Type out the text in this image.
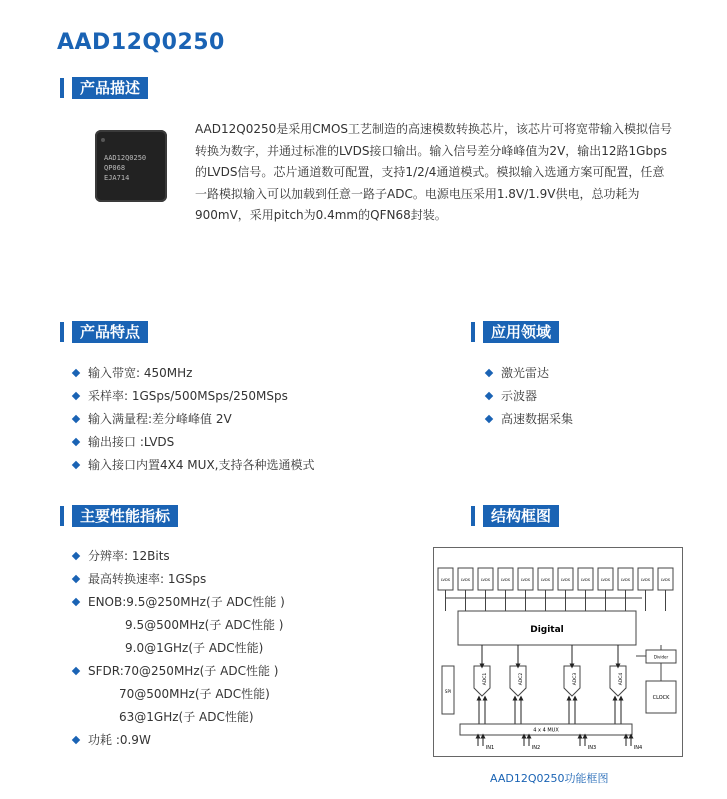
AAD12Q0250
产品描述
AAD12Q0250
QP068
EJA714
AAD12Q0250是采用CMOS工艺制造的高速模数转换芯片，该芯片可将宽带输入模拟信号
转换为数字，并通过标准的LVDS接口输出。输入信号差分峰峰值为2V，输出12路1Gbps
的LVDS信号。芯片通道数可配置，支持1/2/4通道模式。模拟输入选通方案可配置，任意
一路模拟输入可以加载到任意一路子ADC。电源电压采用1.8V/1.9V供电，总功耗为
900mV，采用pitch为0.4mm的QFN68封装。
产品特点
输入带宽: 450MHz
采样率: 1GSps/500MSps/250MSps
输入满量程:差分峰峰值 2V
输出接口 :LVDS
输入接口内置4X4 MUX,支持各种选通模式
应用领域
激光雷达
示波器
高速数据采集
主要性能指标
分辨率: 12Bits
最高转换速率: 1GSps
ENOB:9.5@250MHz(子 ADC性能 )
9.5@500MHz(子 ADC性能 )
9.0@1GHz(子 ADC性能)
SFDR:70@250MHz(子 ADC性能 )
70@500MHz(子 ADC性能)
63@1GHz(子 ADC性能)
功耗 :0.9W
结构框图
LVDS	LVDS	LVDS	LVDS	LVDS	LVDS	LVDS	LVDS	LVDS	LVDS	LVDS	LVDS
Digital
ADC1	ADC2	ADC3	ADC4
SPI
Divider
CLOCK
4 x 4 MUX
IN1	IN2	IN3	IN4
AAD12Q0250功能框图
